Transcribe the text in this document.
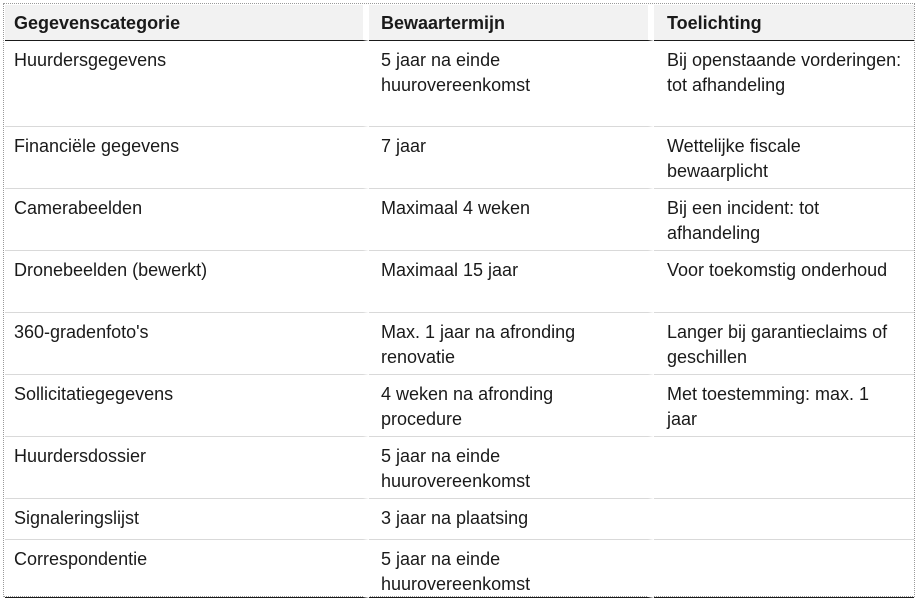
Gegevenscategorie	Bewaartermijn	Toelichting
Huurdersgegevens	5 jaar na einde huurovereenkomst	Bij openstaande vorderingen: tot afhandeling
Financiële gegevens	7 jaar	Wettelijke fiscale bewaarplicht
Camerabeelden	Maximaal 4 weken	Bij een incident: tot afhandeling
Dronebeelden (bewerkt)	Maximaal 15 jaar	Voor toekomstig onderhoud
360-gradenfoto's	Max. 1 jaar na afronding renovatie	Langer bij garantieclaims of geschillen
Sollicitatiegegevens	4 weken na afronding procedure	Met toestemming: max. 1 jaar
Huurdersdossier	5 jaar na einde huurovereenkomst	
Signaleringslijst	3 jaar na plaatsing	
Correspondentie	5 jaar na einde huurovereenkomst	
